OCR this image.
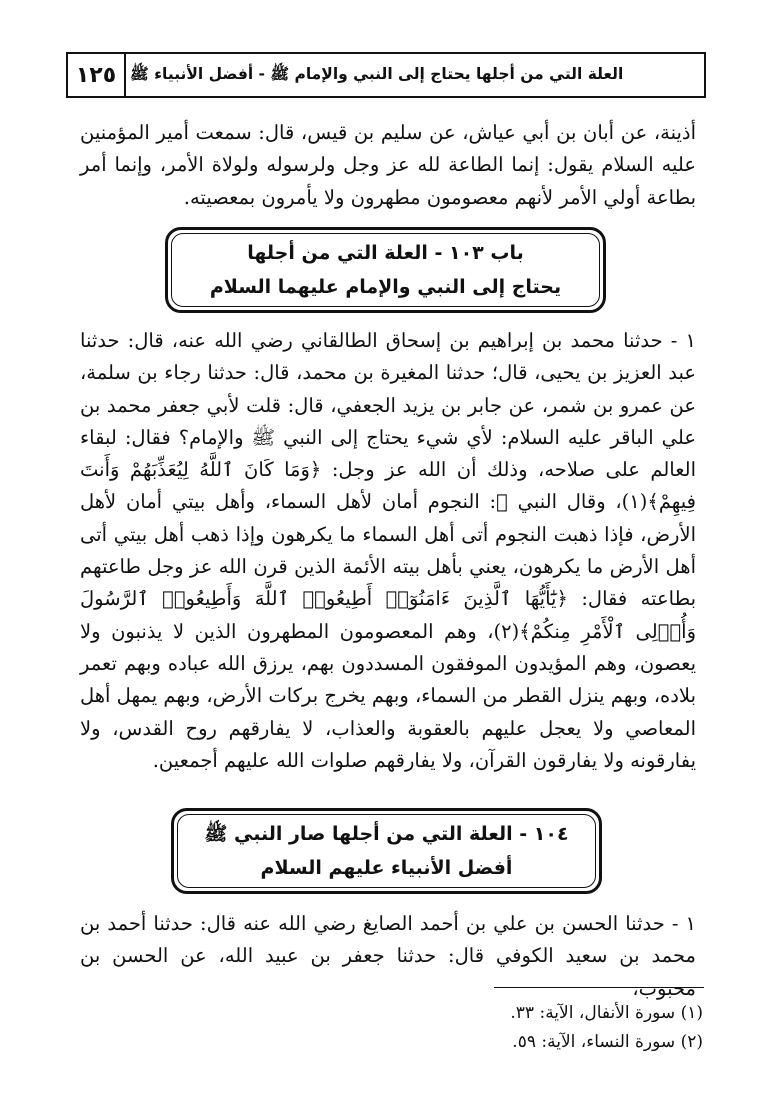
١٢٥ العلة التي من أجلها يحتاج إلى النبي والإمام ﷺ - أفضل الأنبياء ﷺ
أذينة، عن أبان بن أبي عياش، عن سليم بن قيس، قال: سمعت أمير المؤمنين عليه السلام يقول: إنما الطاعة لله عز وجل ولرسوله ولولاة الأمر، وإنما أمر بطاعة أولي الأمر لأنهم معصومون مطهرون ولا يأمرون بمعصيته.
باب ١٠٣ - العلة التي من أجلها
يحتاج إلى النبي والإمام عليهما السلام
١ - حدثنا محمد بن إبراهيم بن إسحاق الطالقاني رضي الله عنه، قال: حدثنا عبد العزيز بن يحيى، قال؛ حدثنا المغيرة بن محمد، قال: حدثنا رجاء بن سلمة، عن عمرو بن شمر، عن جابر بن يزيد الجعفي، قال: قلت لأبي جعفر محمد بن علي الباقر عليه السلام: لأي شيء يحتاج إلى النبي ﷺ والإمام؟ فقال: لبقاء العالم على صلاحه، وذلك أن الله عز وجل: ﴿وَمَا كَانَ ٱللَّهُ لِيُعَذِّبَهُمْ وَأَنتَ فِيهِمْ﴾(١)، وقال النبي ﷺ: النجوم أمان لأهل السماء، وأهل بيتي أمان لأهل الأرض، فإذا ذهبت النجوم أتى أهل السماء ما يكرهون وإذا ذهب أهل بيتي أتى أهل الأرض ما يكرهون، يعني بأهل بيته الأئمة الذين قرن الله عز وجل طاعتهم بطاعته فقال: ﴿يَٰٓأَيُّهَا ٱلَّذِينَ ءَامَنُوٓا۟ أَطِيعُوا۟ ٱللَّهَ وَأَطِيعُوا۟ ٱلرَّسُولَ وَأُو۟لِى ٱلْأَمْرِ مِنكُمْ﴾(٢)، وهم المعصومون المطهرون الذين لا يذنبون ولا يعصون، وهم المؤيدون الموفقون المسددون بهم، يرزق الله عباده وبهم تعمر بلاده، وبهم ينزل القطر من السماء، وبهم يخرج بركات الأرض، وبهم يمهل أهل المعاصي ولا يعجل عليهم بالعقوبة والعذاب، لا يفارقهم روح القدس، ولا يفارقونه ولا يفارقون القرآن، ولا يفارقهم صلوات الله عليهم أجمعين.
١٠٤ - العلة التي من أجلها صار النبي ﷺ
أفضل الأنبياء عليهم السلام
١ - حدثنا الحسن بن علي بن أحمد الصايغ رضي الله عنه قال: حدثنا أحمد بن محمد بن سعيد الكوفي قال: حدثنا جعفر بن عبيد الله، عن الحسن بن محبوب،
(١) سورة الأنفال، الآية: ٣٣.
(٢) سورة النساء، الآية: ٥٩.
